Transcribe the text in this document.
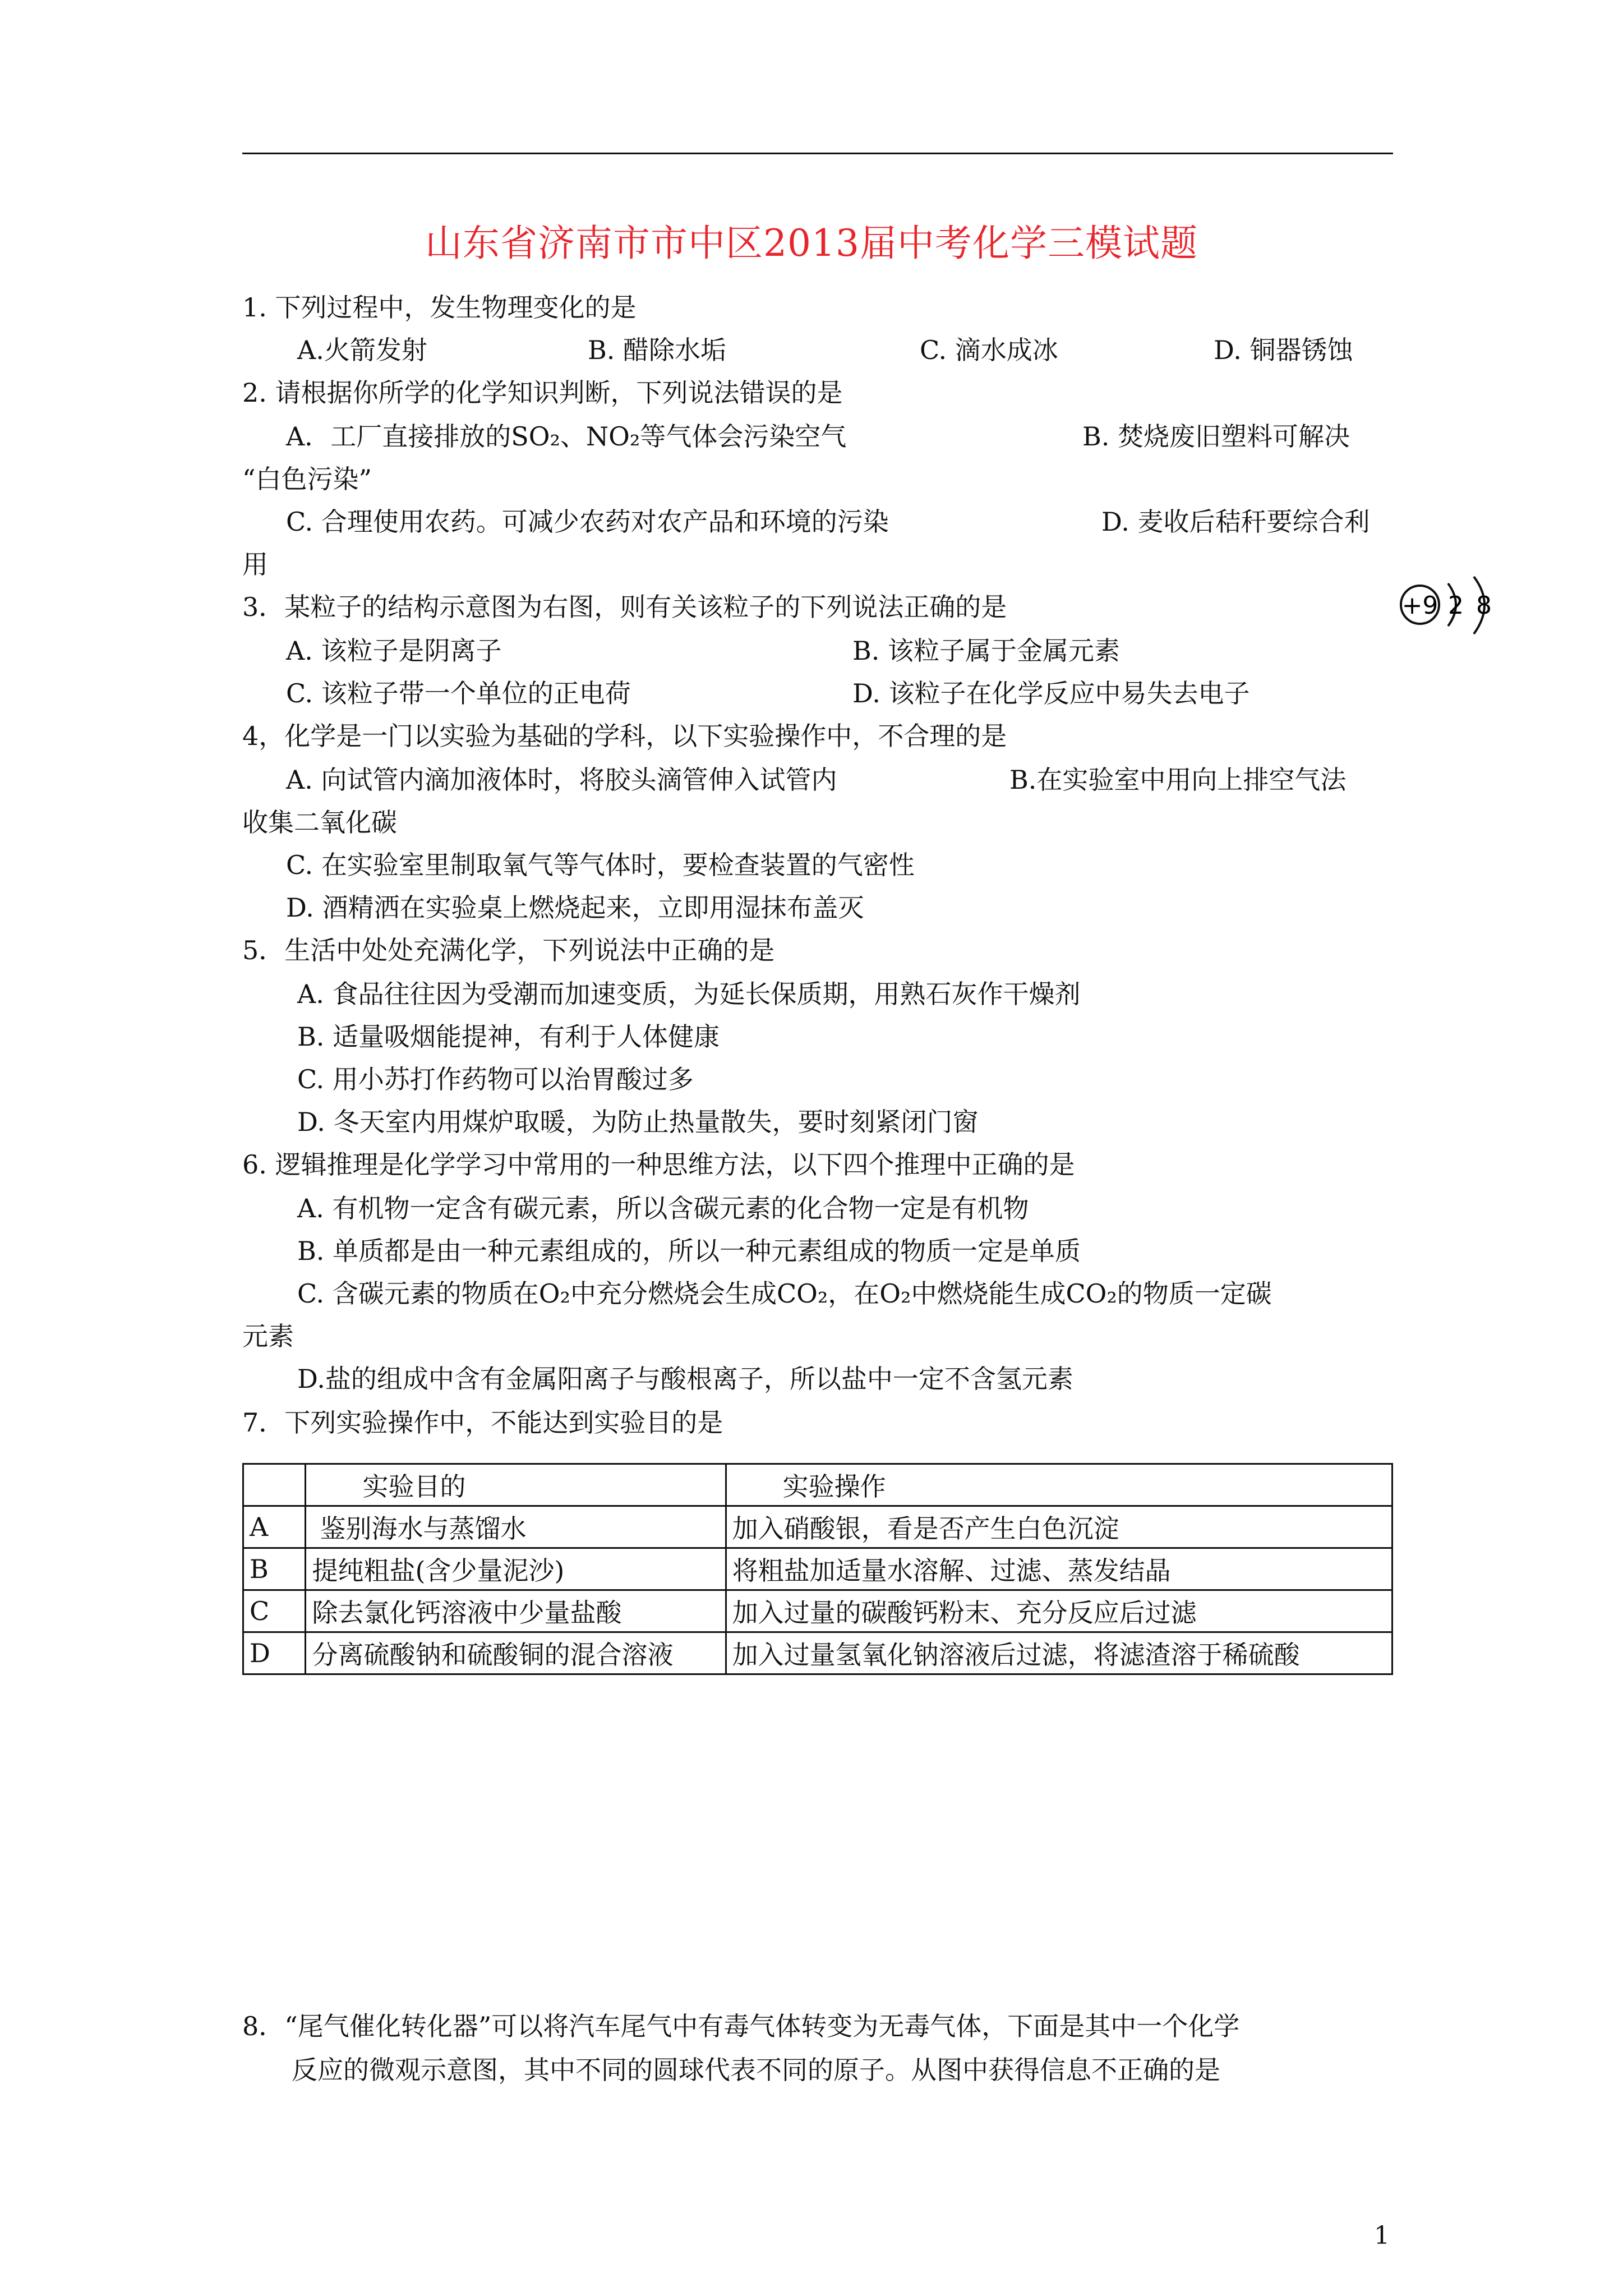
山东省济南市市中区2013届中考化学三模试题
1. 下列过程中，发生物理变化的是
A.火箭发射	B. 醋除水垢	C. 滴水成冰	D. 铜器锈蚀
2. 请根据你所学的化学知识判断，下列说法错误的是
A．工厂直接排放的SO₂、NO₂等气体会污染空气	B. 焚烧废旧塑料可解决
“白色污染”
C. 合理使用农药。可减少农药对农产品和环境的污染	D. 麦收后秸秆要综合利
用
3．某粒子的结构示意图为右图，则有关该粒子的下列说法正确的是
A. 该粒子是阴离子	B. 该粒子属于金属元素
C. 该粒子带一个单位的正电荷	D. 该粒子在化学反应中易失去电子
+9 2 8
4，化学是一门以实验为基础的学科，以下实验操作中，不合理的是
A. 向试管内滴加液体时，将胶头滴管伸入试管内	B.在实验室中用向上排空气法
收集二氧化碳
C. 在实验室里制取氧气等气体时，要检查装置的气密性
D. 酒精洒在实验桌上燃烧起来，立即用湿抹布盖灭
5．生活中处处充满化学，下列说法中正确的是
A. 食品往往因为受潮而加速变质，为延长保质期，用熟石灰作干燥剂
B. 适量吸烟能提神，有利于人体健康
C. 用小苏打作药物可以治胃酸过多
D. 冬天室内用煤炉取暖，为防止热量散失，要时刻紧闭门窗
6. 逻辑推理是化学学习中常用的一种思维方法，以下四个推理中正确的是
A. 有机物一定含有碳元素，所以含碳元素的化合物一定是有机物
B. 单质都是由一种元素组成的，所以一种元素组成的物质一定是单质
C. 含碳元素的物质在O₂中充分燃烧会生成CO₂，在O₂中燃烧能生成CO₂的物质一定碳
元素
D.盐的组成中含有金属阳离子与酸根离子，所以盐中一定不含氢元素
7．下列实验操作中，不能达到实验目的是
	实验目的	实验操作
A	鉴别海水与蒸馏水	加入硝酸银，看是否产生白色沉淀
B	提纯粗盐(含少量泥沙)	将粗盐加适量水溶解、过滤、蒸发结晶
C	除去氯化钙溶液中少量盐酸	加入过量的碳酸钙粉末、充分反应后过滤
D	分离硫酸钠和硫酸铜的混合溶液	加入过量氢氧化钠溶液后过滤，将滤渣溶于稀硫酸
8．“尾气催化转化器”可以将汽车尾气中有毒气体转变为无毒气体，下面是其中一个化学
反应的微观示意图，其中不同的圆球代表不同的原子。从图中获得信息不正确的是
1
